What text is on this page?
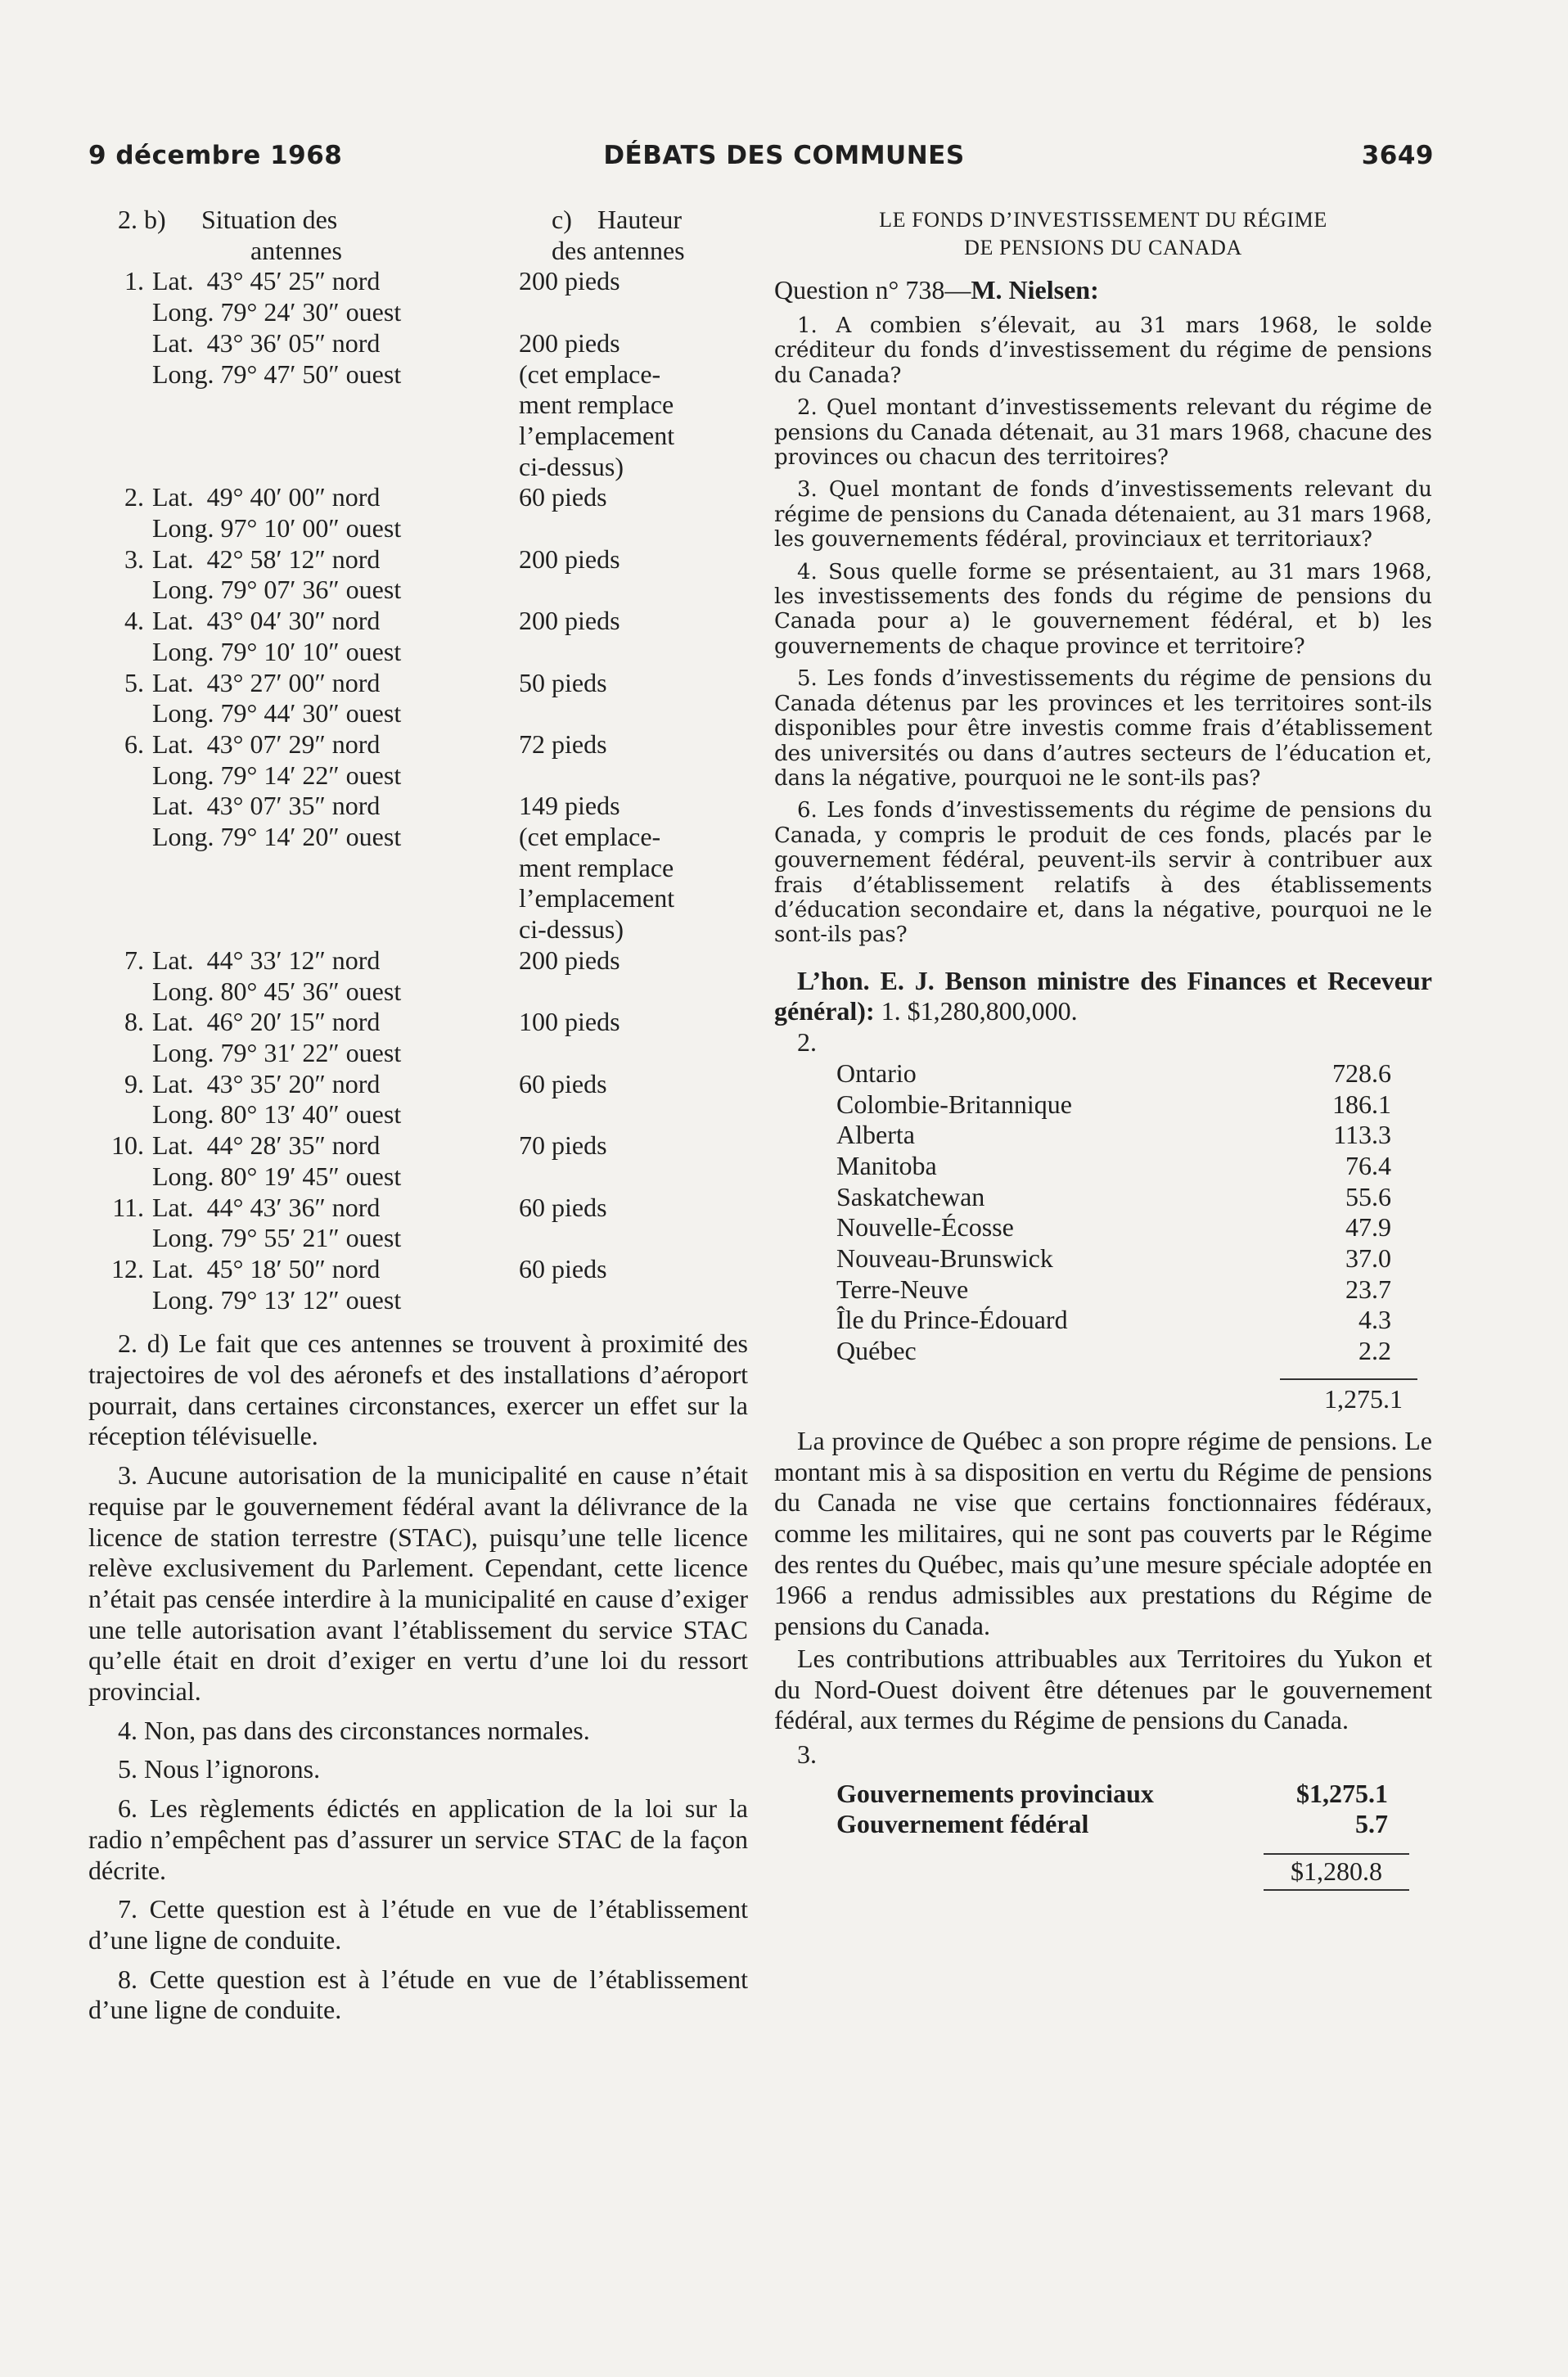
9 décembre 1968	DÉBATS DES COMMUNES	3649
2. b) Situation des	c) Hauteur
antennes	des antennes
1. Lat.  43° 45′ 25″ nord	200 pieds
Long. 79° 24′ 30″ ouest
Lat.  43° 36′ 05″ nord	200 pieds
Long. 79° 47′ 50″ ouest	(cet emplace-
ment remplace
l’emplacement
ci-dessus)
2. Lat.  49° 40′ 00″ nord	60 pieds
Long. 97° 10′ 00″ ouest
3. Lat.  42° 58′ 12″ nord	200 pieds
Long. 79° 07′ 36″ ouest
4. Lat.  43° 04′ 30″ nord	200 pieds
Long. 79° 10′ 10″ ouest
5. Lat.  43° 27′ 00″ nord	50 pieds
Long. 79° 44′ 30″ ouest
6. Lat.  43° 07′ 29″ nord	72 pieds
Long. 79° 14′ 22″ ouest
Lat.  43° 07′ 35″ nord	149 pieds
Long. 79° 14′ 20″ ouest	(cet emplace-
ment remplace
l’emplacement
ci-dessus)
7. Lat.  44° 33′ 12″ nord	200 pieds
Long. 80° 45′ 36″ ouest
8. Lat.  46° 20′ 15″ nord	100 pieds
Long. 79° 31′ 22″ ouest
9. Lat.  43° 35′ 20″ nord	60 pieds
Long. 80° 13′ 40″ ouest
10. Lat.  44° 28′ 35″ nord	70 pieds
Long. 80° 19′ 45″ ouest
11. Lat.  44° 43′ 36″ nord	60 pieds
Long. 79° 55′ 21″ ouest
12. Lat.  45° 18′ 50″ nord	60 pieds
Long. 79° 13′ 12″ ouest
2. d) Le fait que ces antennes se trouvent à proximité des trajectoires de vol des aéronefs et des installations d’aéroport pourrait, dans certaines circonstances, exercer un effet sur la réception télévisuelle.
3. Aucune autorisation de la municipalité en cause n’était requise par le gouvernement fédéral avant la délivrance de la licence de station terrestre (STAC), puisqu’une telle licence relève exclusivement du Parlement. Cependant, cette licence n’était pas censée interdire à la municipalité en cause d’exiger une telle autorisation avant l’établissement du service STAC qu’elle était en droit d’exiger en vertu d’une loi du ressort provincial.
4. Non, pas dans des circonstances normales.
5. Nous l’ignorons.
6. Les règlements édictés en application de la loi sur la radio n’empêchent pas d’assurer un service STAC de la façon décrite.
7. Cette question est à l’étude en vue de l’établissement d’une ligne de conduite.
8. Cette question est à l’étude en vue de l’établissement d’une ligne de conduite.
LE FONDS D’INVESTISSEMENT DU RÉGIME
DE PENSIONS DU CANADA
Question n° 738—M. Nielsen:
1. A combien s’élevait, au 31 mars 1968, le solde créditeur du fonds d’investissement du régime de pensions du Canada?
2. Quel montant d’investissements relevant du régime de pensions du Canada détenait, au 31 mars 1968, chacune des provinces ou chacun des territoires?
3. Quel montant de fonds d’investissements relevant du régime de pensions du Canada détenaient, au 31 mars 1968, les gouvernements fédéral, provinciaux et territoriaux?
4. Sous quelle forme se présentaient, au 31 mars 1968, les investissements des fonds du régime de pensions du Canada pour a) le gouvernement fédéral, et b) les gouvernements de chaque province et territoire?
5. Les fonds d’investissements du régime de pensions du Canada détenus par les provinces et les territoires sont-ils disponibles pour être investis comme frais d’établissement des universités ou dans d’autres secteurs de l’éducation et, dans la négative, pourquoi ne le sont-ils pas?
6. Les fonds d’investissements du régime de pensions du Canada, y compris le produit de ces fonds, placés par le gouvernement fédéral, peuvent-ils servir à contribuer aux frais d’établissement relatifs à des établissements d’éducation secondaire et, dans la négative, pourquoi ne le sont-ils pas?
L’hon. E. J. Benson ministre des Finances et Receveur général): 1. $1,280,800,000.
2.
Ontario	728.6
Colombie-Britannique	186.1
Alberta	113.3
Manitoba	76.4
Saskatchewan	55.6
Nouvelle-Écosse	47.9
Nouveau-Brunswick	37.0
Terre-Neuve	23.7
Île du Prince-Édouard	4.3
Québec	2.2
1,275.1
La province de Québec a son propre régime de pensions. Le montant mis à sa disposition en vertu du Régime de pensions du Canada ne vise que certains fonctionnaires fédéraux, comme les militaires, qui ne sont pas couverts par le Régime des rentes du Québec, mais qu’une mesure spéciale adoptée en 1966 a rendus admissibles aux prestations du Régime de pensions du Canada.
Les contributions attribuables aux Territoires du Yukon et du Nord-Ouest doivent être détenues par le gouvernement fédéral, aux termes du Régime de pensions du Canada.
3.
Gouvernements provinciaux	$1,275.1
Gouvernement fédéral	5.7
$1,280.8
